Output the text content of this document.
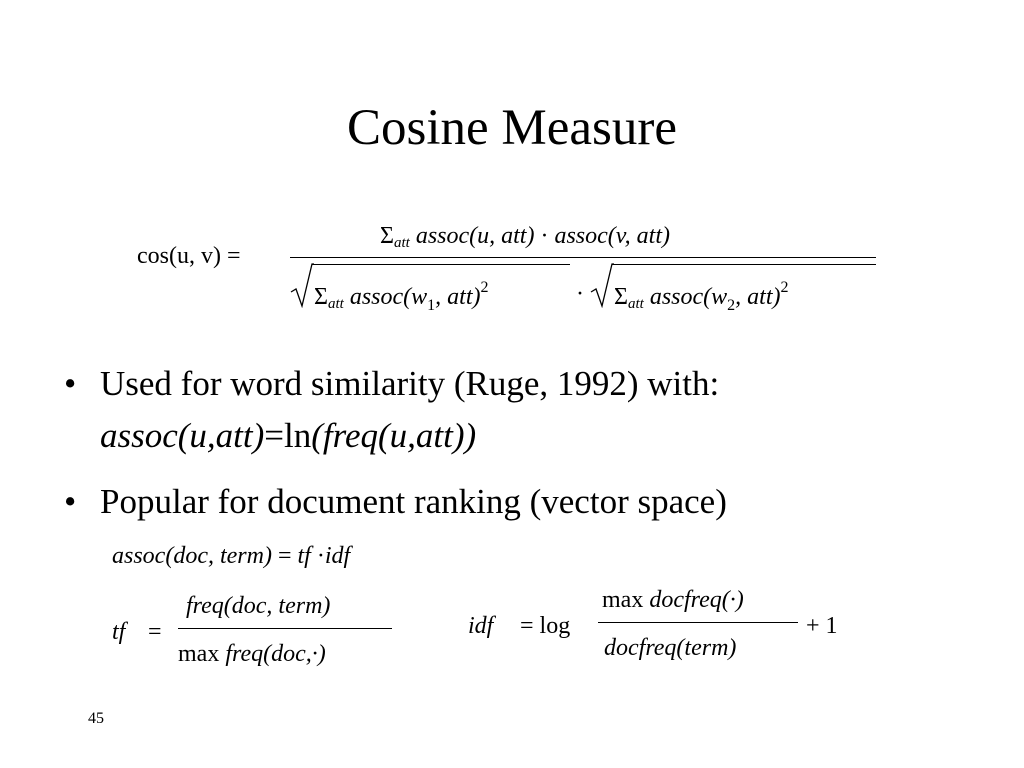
Cosine Measure
cos(u, v) =
$\Sigma_{att}$ assoc(u, att) · assoc(v, att)
$\Sigma_{att}$ $assoc(w_1$, att)$^2$	· $\Sigma_{att}$ $assoc(w_2$, att)$^2$
• Used for word similarity (Ruge, 1992) with:
assoc(u,att)=ln(freq(u,att))
• Popular for document ranking (vector space)
assoc(doc, term) = tf ·idf
tf =
freq(doc, term)
max freq(doc,·)
idf = log
max docfreq(·)
docfreq(term)
+ 1
45
